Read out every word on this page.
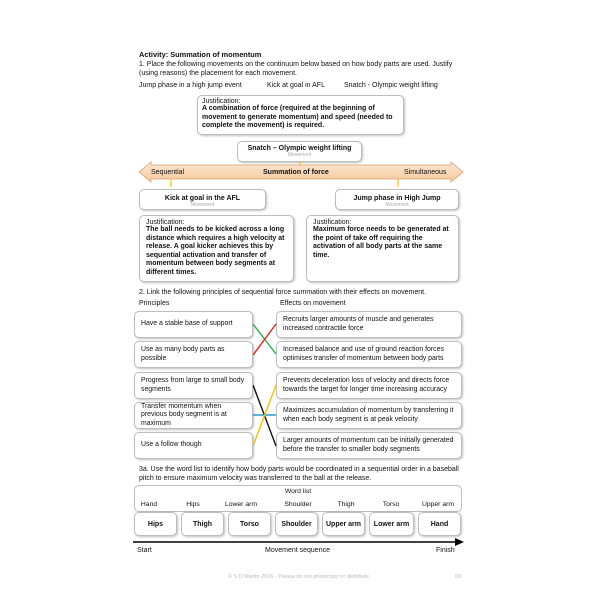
Activity: Summation of momentum
1. Place the following movements on the continuum below based on how body parts are used. Justify (using reasons) the placement for each movement.
Jump phase in a high jump event	Kick at goal in AFL	Snatch - Olympic weight lifting
Justification:
A combination of force (required at the beginning of movement to generate momentum) and speed (needed to complete the movement) is required.
Snatch – Olympic weight lifting
Movement
Sequential	Summation of force	Simultaneous
Kick at goal in the AFL
Movement
Jump phase in High Jump
Movement
Justification:
The ball needs to be kicked across a long distance which requires a high velocity at release. A goal kicker achieves this by sequential activation and transfer of momentum between body segments at different times.
Justification:
Maximum force needs to be generated at the point of take off requiring the activation of all body parts at the same time.
2. Link the following principles of sequential force summation with their effects on movement.
Principles	Effects on movement
Have a stable base of support
Use as many body parts as possible
Progress from large to small body segments
Transfer momentum when previous body segment is at maximum
Use a follow though
Recruits larger amounts of muscle and generates increased contractile force
Increased balance and use of ground reaction forces optimises transfer of momentum between body parts
Prevents deceleration loss of velocity and directs force towards the target for longer time increasing accuracy
Maximizes accumulation of momentum by transferring it when each body segment is at peak velocity
Larger amounts of momentum can be initially generated before the transfer to smaller body segments
3a. Use the word list to identify how body parts would be coordinated in a sequential order in a baseball pitch to ensure maximum velocity was transferred to the ball at the release.
Word list
Hand	Hips	Lower arm	Shoulder	Thigh	Torso	Upper arm
Hips	Thigh	Torso	Shoulder Upper arm Lower arm	Hand
Start	Movement sequence	Finish
© S D Martin 2026 - Please do not photocopy or distribute	69
